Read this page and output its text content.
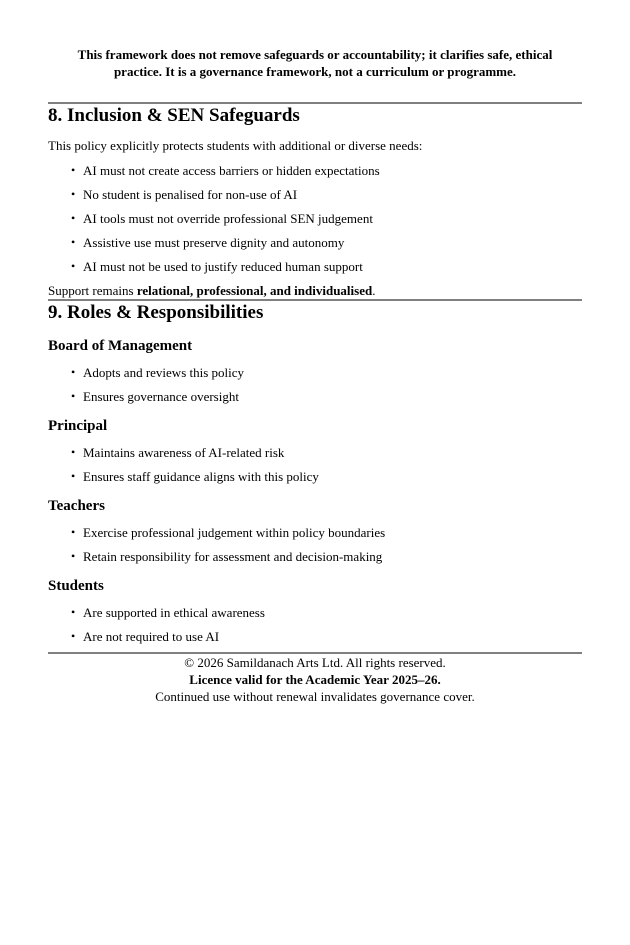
This framework does not remove safeguards or accountability; it clarifies safe, ethical
practice. It is a governance framework, not a curriculum or programme.

8. Inclusion & SEN Safeguards

This policy explicitly protects students with additional or diverse needs:

• AI must not create access barriers or hidden expectations
• No student is penalised for non-use of AI
• AI tools must not override professional SEN judgement
• Assistive use must preserve dignity and autonomy
• AI must not be used to justify reduced human support

Support remains relational, professional, and individualised.

9. Roles & Responsibilities
Board of Management
• Adopts and reviews this policy
• Ensures governance oversight
Principal
• Maintains awareness of AI-related risk
• Ensures staff guidance aligns with this policy
Teachers
• Exercise professional judgement within policy boundaries
• Retain responsibility for assessment and decision-making
Students
• Are supported in ethical awareness
• Are not required to use AI
© 2026 Samildanach Arts Ltd. All rights reserved.
Licence valid for the Academic Year 2025–26.
Continued use without renewal invalidates governance cover.
